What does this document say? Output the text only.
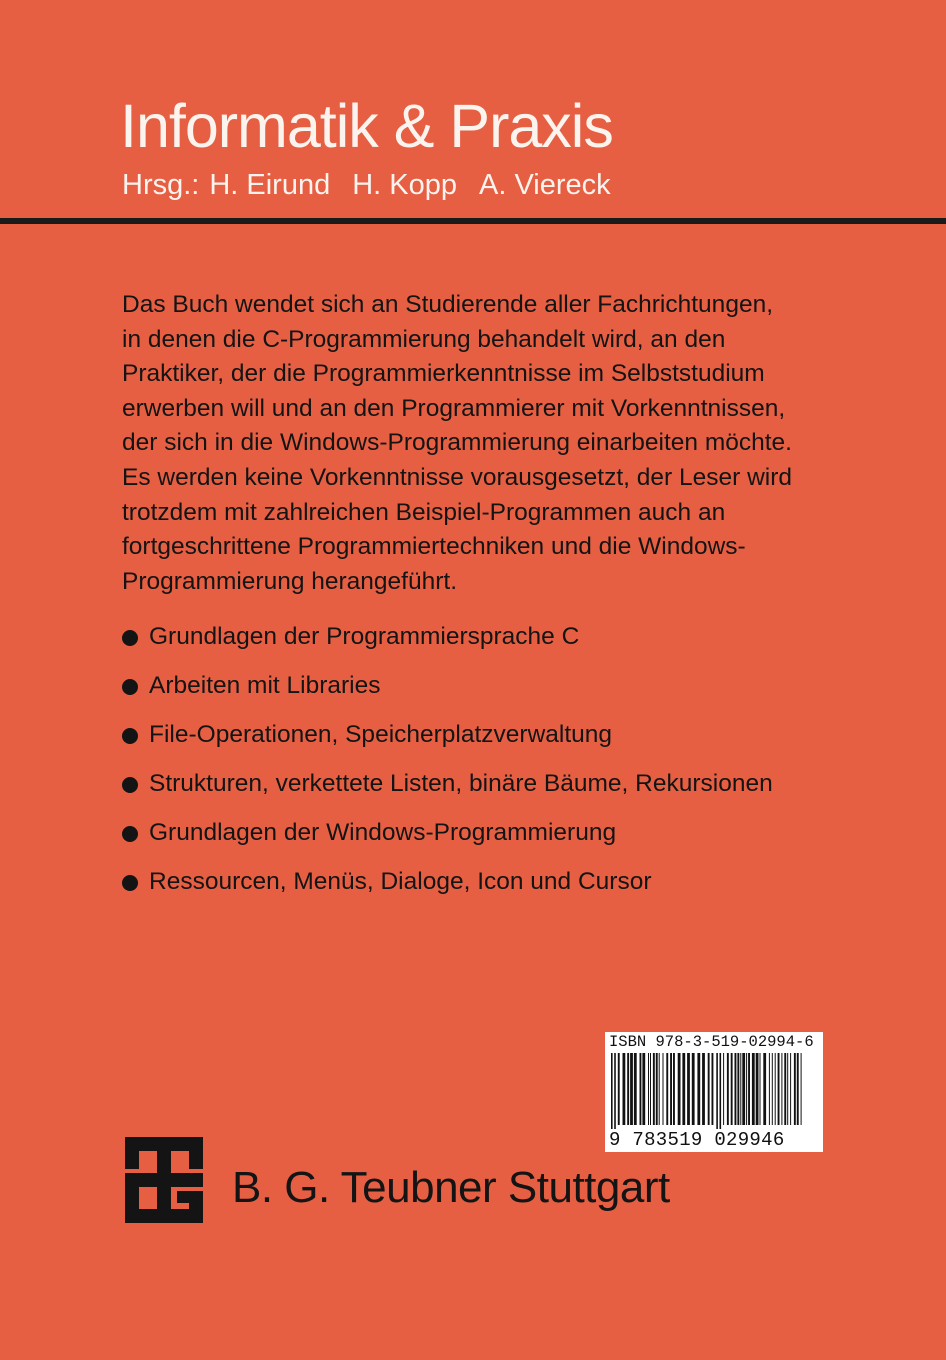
Informatik & Praxis
Hrsg.: H. Eirund H. Kopp A. Viereck

Das Buch wendet sich an Studierende aller Fachrichtungen,
in denen die C-Programmierung behandelt wird, an den
Praktiker, der die Programmierkenntnisse im Selbststudium
erwerben will und an den Programmierer mit Vorkenntnissen,
der sich in die Windows-Programmierung einarbeiten möchte.
Es werden keine Vorkenntnisse vorausgesetzt, der Leser wird
trotzdem mit zahlreichen Beispiel-Programmen auch an
fortgeschrittene Programmiertechniken und die Windows-
Programmierung herangeführt.

Grundlagen der Programmiersprache C
Arbeiten mit Libraries
File-Operationen, Speicherplatzverwaltung
Strukturen, verkettete Listen, binäre Bäume, Rekursionen
Grundlagen der Windows-Programmierung
Ressourcen, Menüs, Dialoge, Icon und Cursor
ISBN 978-3-519-02994-6
9 783519 029946
B. G. Teubner Stuttgart
